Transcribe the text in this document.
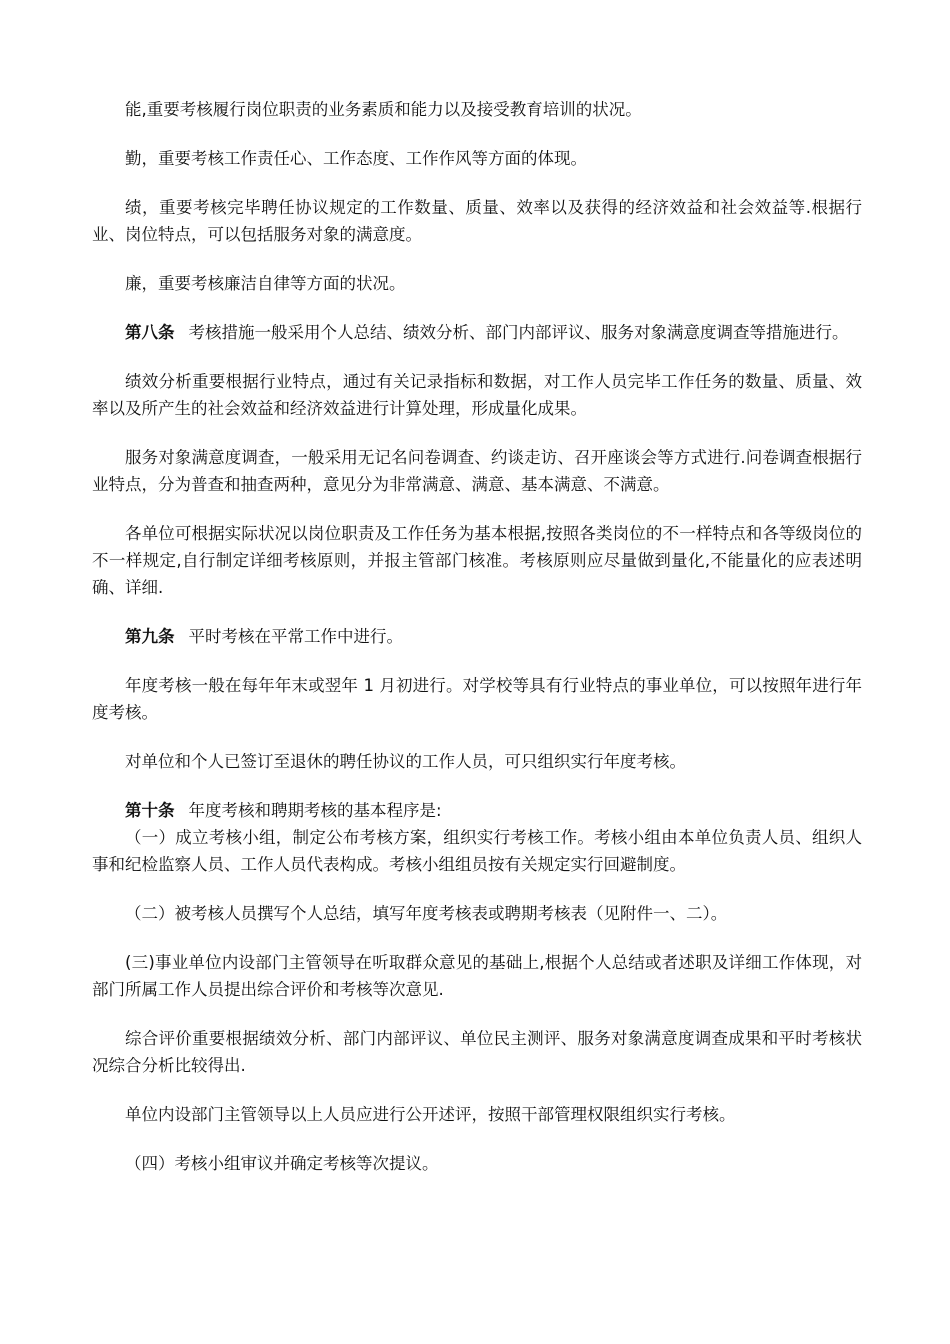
能,重要考核履行岗位职责的业务素质和能力以及接受教育培训的状况。

勤，重要考核工作责任心、工作态度、工作作风等方面的体现。

绩，重要考核完毕聘任协议规定的工作数量、质量、效率以及获得的经济效益和社会效益等.根据行业、岗位特点，可以包括服务对象的满意度。

廉，重要考核廉洁自律等方面的状况。

第八条 考核措施一般采用个人总结、绩效分析、部门内部评议、服务对象满意度调查等措施进行。

绩效分析重要根据行业特点，通过有关记录指标和数据，对工作人员完毕工作任务的数量、质量、效率以及所产生的社会效益和经济效益进行计算处理，形成量化成果。

服务对象满意度调查，一般采用无记名问卷调查、约谈走访、召开座谈会等方式进行.问卷调查根据行业特点，分为普查和抽查两种，意见分为非常满意、满意、基本满意、不满意。

各单位可根据实际状况以岗位职责及工作任务为基本根据,按照各类岗位的不一样特点和各等级岗位的不一样规定,自行制定详细考核原则，并报主管部门核准。考核原则应尽量做到量化,不能量化的应表述明确、详细.

第九条 平时考核在平常工作中进行。

年度考核一般在每年年末或翌年 1 月初进行。对学校等具有行业特点的事业单位，可以按照年进行年度考核。

对单位和个人已签订至退休的聘任协议的工作人员，可只组织实行年度考核。

第十条 年度考核和聘期考核的基本程序是:

（一）成立考核小组，制定公布考核方案，组织实行考核工作。考核小组由本单位负责人员、组织人事和纪检监察人员、工作人员代表构成。考核小组组员按有关规定实行回避制度。

（二）被考核人员撰写个人总结，填写年度考核表或聘期考核表（见附件一、二）。

(三)事业单位内设部门主管领导在听取群众意见的基础上,根据个人总结或者述职及详细工作体现，对部门所属工作人员提出综合评价和考核等次意见.

综合评价重要根据绩效分析、部门内部评议、单位民主测评、服务对象满意度调查成果和平时考核状况综合分析比较得出.

单位内设部门主管领导以上人员应进行公开述评，按照干部管理权限组织实行考核。

（四）考核小组审议并确定考核等次提议。
